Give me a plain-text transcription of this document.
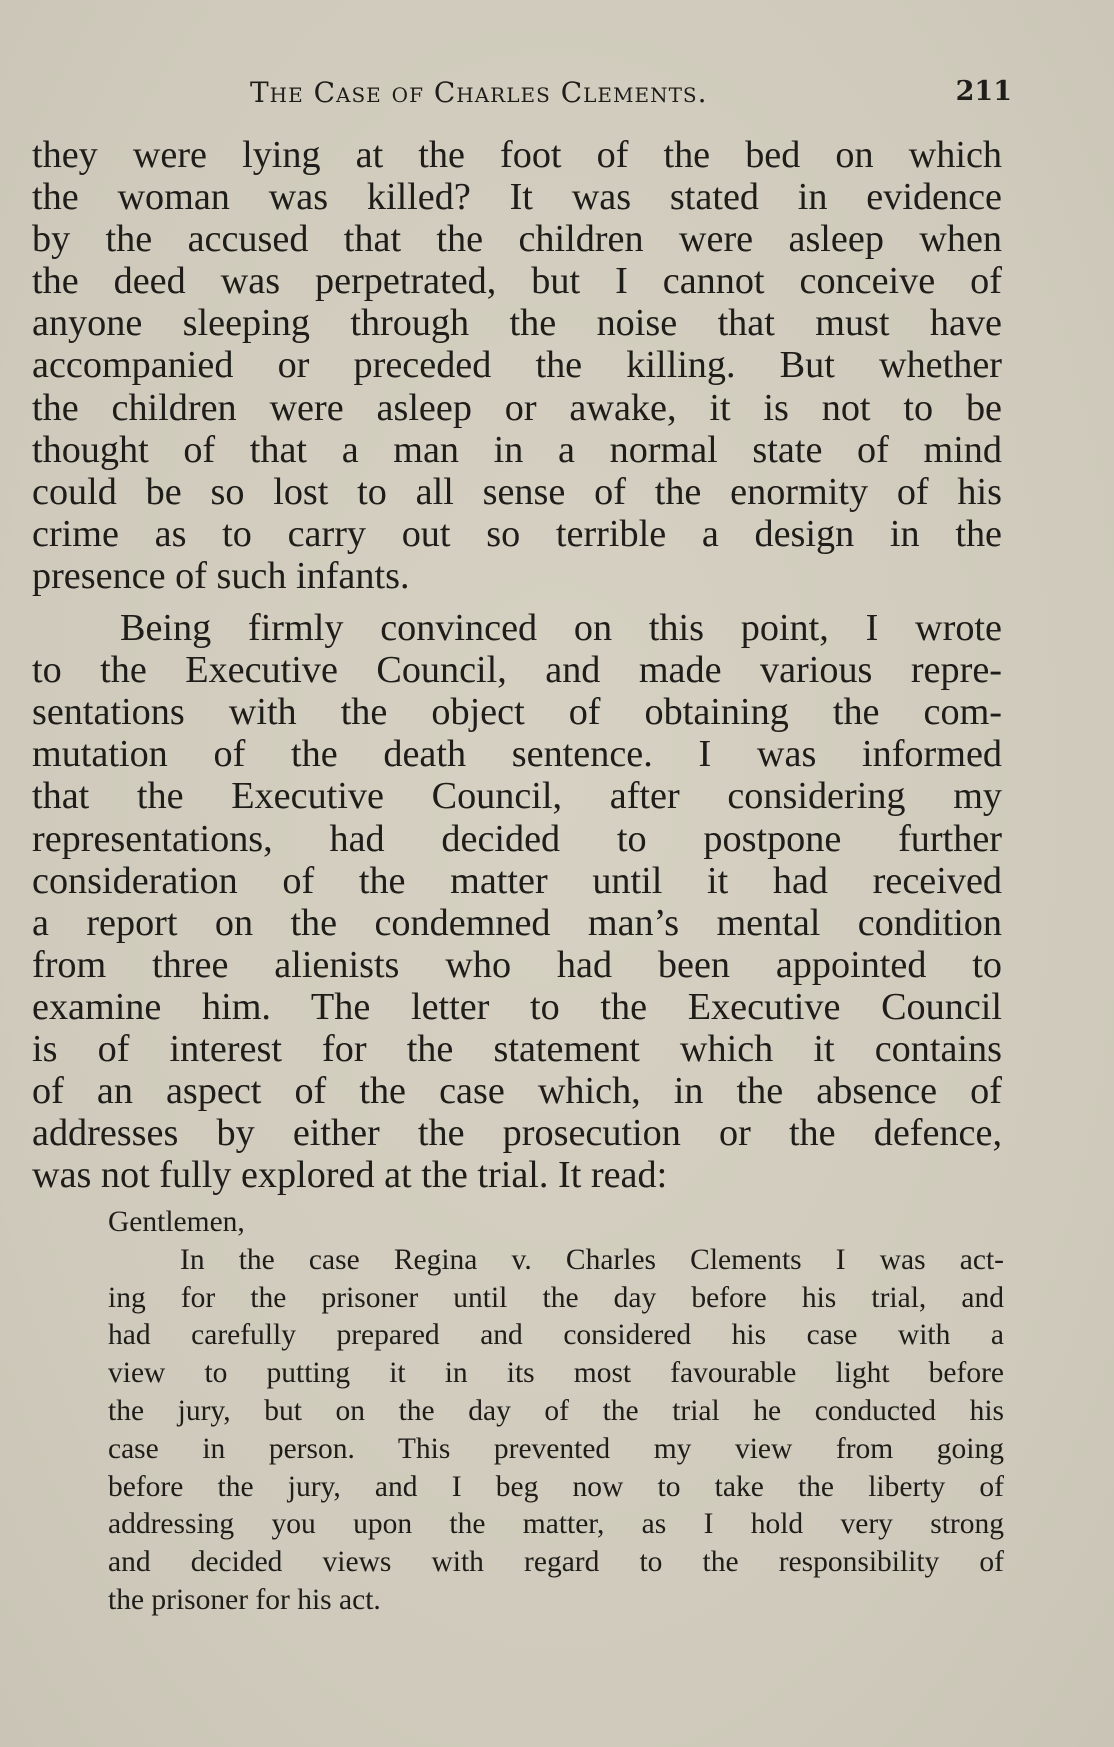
The Case of Charles Clements.	211
they were lying at the foot of the bed on which
the woman was killed? It was stated in evidence
by the accused that the children were asleep when
the deed was perpetrated, but I cannot conceive of
anyone sleeping through the noise that must have
accompanied or preceded the killing. But whether
the children were asleep or awake, it is not to be
thought of that a man in a normal state of mind
could be so lost to all sense of the enormity of his
crime as to carry out so terrible a design in the
presence of such infants.
Being firmly convinced on this point, I wrote
to the Executive Council, and made various repre-
sentations with the object of obtaining the com-
mutation of the death sentence. I was informed
that the Executive Council, after considering my
representations, had decided to postpone further
consideration of the matter until it had received
a report on the condemned man’s mental condition
from three alienists who had been appointed to
examine him. The letter to the Executive Council
is of interest for the statement which it contains
of an aspect of the case which, in the absence of
addresses by either the prosecution or the defence,
was not fully explored at the trial. It read:
Gentlemen,
In the case Regina v. Charles Clements I was act-
ing for the prisoner until the day before his trial, and
had carefully prepared and considered his case with a
view to putting it in its most favourable light before
the jury, but on the day of the trial he conducted his
case in person. This prevented my view from going
before the jury, and I beg now to take the liberty of
addressing you upon the matter, as I hold very strong
and decided views with regard to the responsibility of
the prisoner for his act.
